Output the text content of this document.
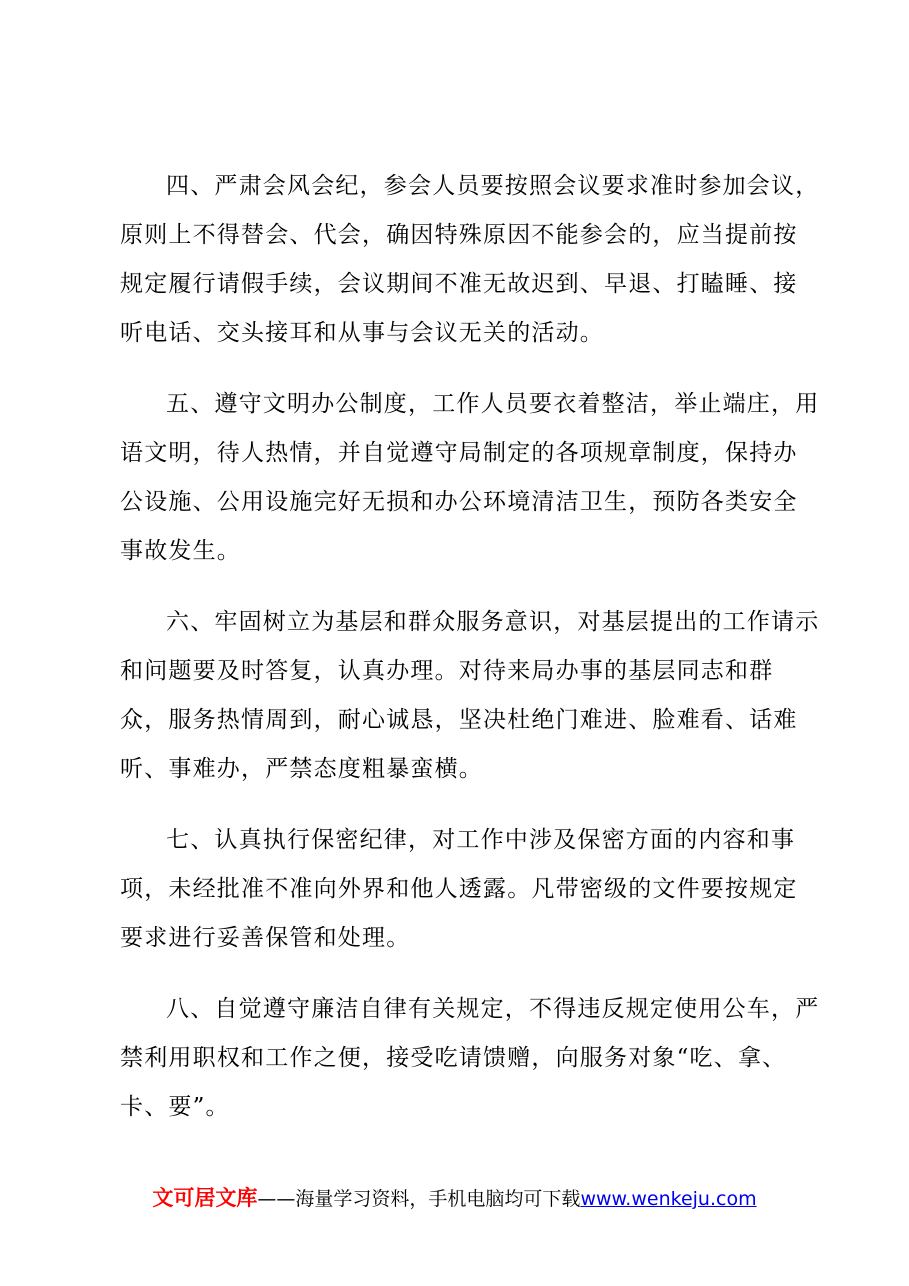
四、严肃会风会纪，参会人员要按照会议要求准时参加会议，原则上不得替会、代会，确因特殊原因不能参会的，应当提前按规定履行请假手续，会议期间不准无故迟到、早退、打瞌睡、接听电话、交头接耳和从事与会议无关的活动。

五、遵守文明办公制度，工作人员要衣着整洁，举止端庄，用语文明，待人热情，并自觉遵守局制定的各项规章制度，保持办公设施、公用设施完好无损和办公环境清洁卫生，预防各类安全事故发生。

六、牢固树立为基层和群众服务意识，对基层提出的工作请示和问题要及时答复，认真办理。对待来局办事的基层同志和群众，服务热情周到，耐心诚恳，坚决杜绝门难进、脸难看、话难听、事难办，严禁态度粗暴蛮横。

七、认真执行保密纪律，对工作中涉及保密方面的内容和事项，未经批准不准向外界和他人透露。凡带密级的文件要按规定要求进行妥善保管和处理。

八、自觉遵守廉洁自律有关规定，不得违反规定使用公车，严禁利用职权和工作之便，接受吃请馈赠，向服务对象“吃、拿、卡、要”。

文可居文库——海量学习资料，手机电脑均可下载www.wenkeju.com
